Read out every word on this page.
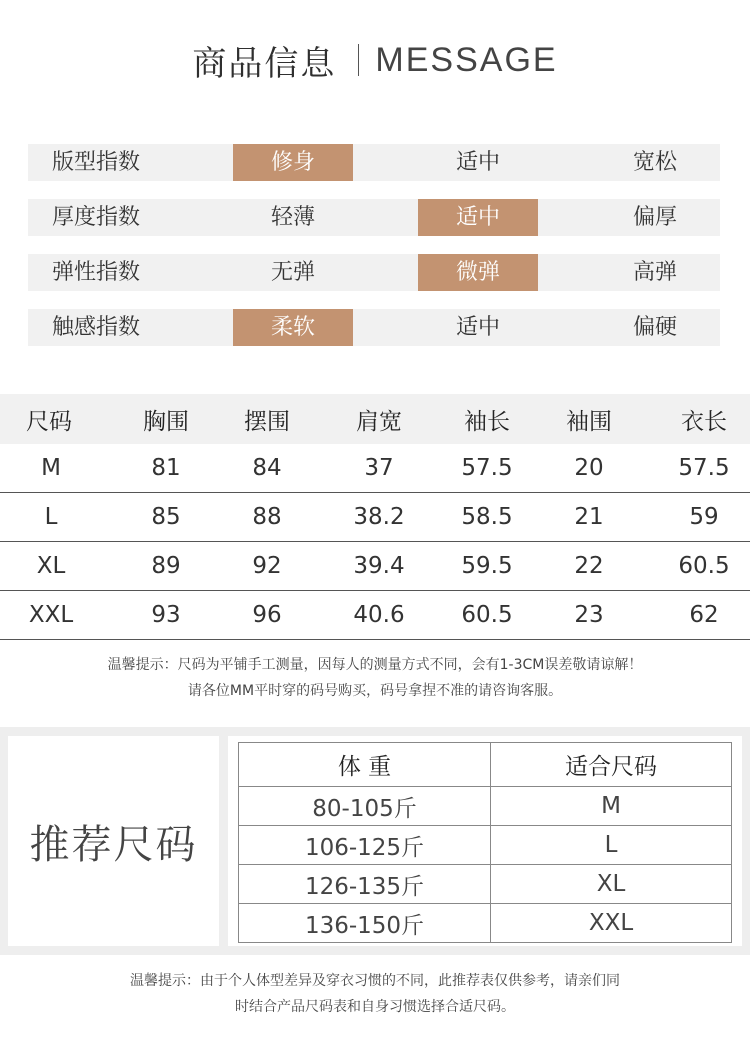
商品信息 MESSAGE
版型指数	修身	适中	宽松
厚度指数	轻薄	适中	偏厚
弹性指数	无弹	微弹	高弹
触感指数	柔软	适中	偏硬
尺码	胸围	摆围	肩宽	袖长	袖围	衣长
M	81	84	37	57.5	20	57.5
L	85	88	38.2	58.5	21	59
XL	89	92	39.4	59.5	22	60.5
XXL	93	96	40.6	60.5	23	62
温馨提示：尺码为平铺手工测量，因每人的测量方式不同，会有1-3CM误差敬请谅解！
请各位MM平时穿的码号购买，码号拿捏不准的请咨询客服。
推荐尺码
体 重	适合尺码
80-105斤	M
106-125斤	L
126-135斤	XL
136-150斤	XXL
温馨提示：由于个人体型差异及穿衣习惯的不同，此推荐表仅供参考，请亲们同
时结合产品尺码表和自身习惯选择合适尺码。
